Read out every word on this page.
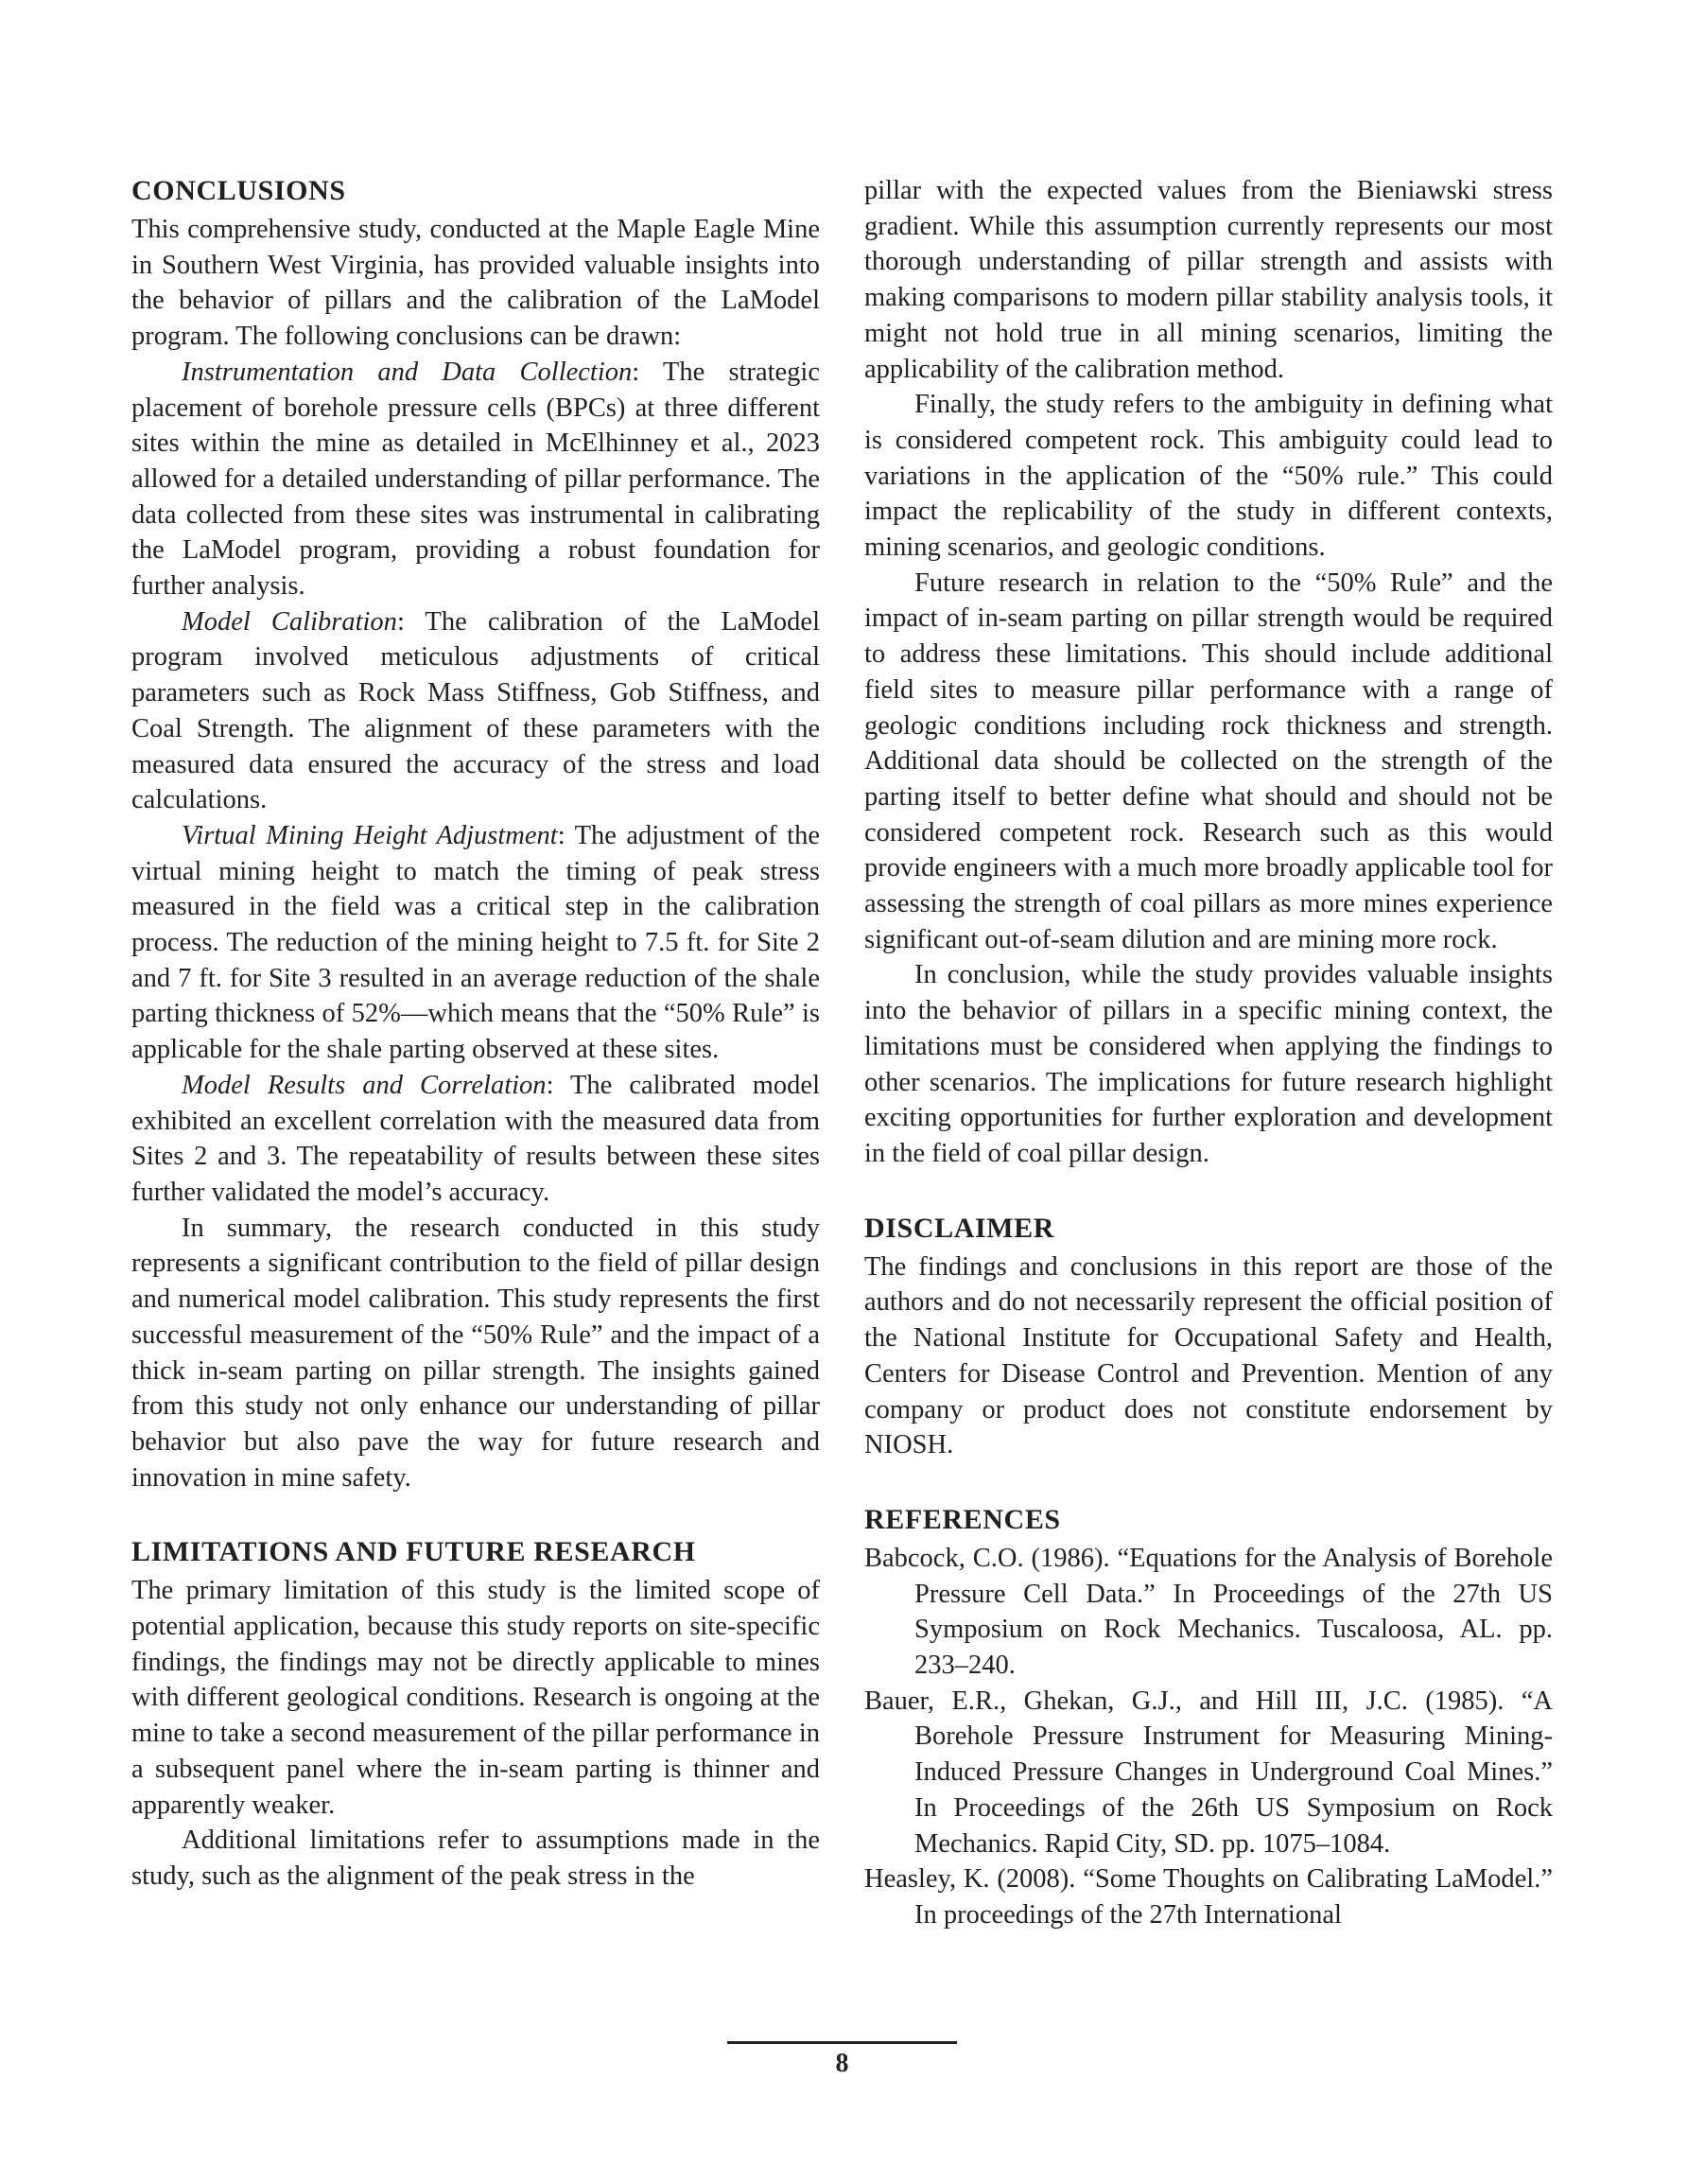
CONCLUSIONS

This comprehensive study, conducted at the Maple Eagle Mine in Southern West Virginia, has provided valuable insights into the behavior of pillars and the calibration of the LaModel program. The following conclusions can be drawn:

Instrumentation and Data Collection: The strategic placement of borehole pressure cells (BPCs) at three different sites within the mine as detailed in McElhinney et al., 2023 allowed for a detailed understanding of pillar performance. The data collected from these sites was instrumental in calibrating the LaModel program, providing a robust foundation for further analysis.

Model Calibration: The calibration of the LaModel program involved meticulous adjustments of critical parameters such as Rock Mass Stiffness, Gob Stiffness, and Coal Strength. The alignment of these parameters with the measured data ensured the accuracy of the stress and load calculations.

Virtual Mining Height Adjustment: The adjustment of the virtual mining height to match the timing of peak stress measured in the field was a critical step in the calibration process. The reduction of the mining height to 7.5 ft. for Site 2 and 7 ft. for Site 3 resulted in an average reduction of the shale parting thickness of 52%—which means that the “50% Rule” is applicable for the shale parting observed at these sites.

Model Results and Correlation: The calibrated model exhibited an excellent correlation with the measured data from Sites 2 and 3. The repeatability of results between these sites further validated the model’s accuracy.

In summary, the research conducted in this study represents a significant contribution to the field of pillar design and numerical model calibration. This study represents the first successful measurement of the “50% Rule” and the impact of a thick in-seam parting on pillar strength. The insights gained from this study not only enhance our understanding of pillar behavior but also pave the way for future research and innovation in mine safety.

LIMITATIONS AND FUTURE RESEARCH

The primary limitation of this study is the limited scope of potential application, because this study reports on site-specific findings, the findings may not be directly applicable to mines with different geological conditions. Research is ongoing at the mine to take a second measurement of the pillar performance in a subsequent panel where the in-seam parting is thinner and apparently weaker.

Additional limitations refer to assumptions made in the study, such as the alignment of the peak stress in the

pillar with the expected values from the Bieniawski stress gradient. While this assumption currently represents our most thorough understanding of pillar strength and assists with making comparisons to modern pillar stability analysis tools, it might not hold true in all mining scenarios, limiting the applicability of the calibration method.

Finally, the study refers to the ambiguity in defining what is considered competent rock. This ambiguity could lead to variations in the application of the “50% rule.” This could impact the replicability of the study in different contexts, mining scenarios, and geologic conditions.

Future research in relation to the “50% Rule” and the impact of in-seam parting on pillar strength would be required to address these limitations. This should include additional field sites to measure pillar performance with a range of geologic conditions including rock thickness and strength. Additional data should be collected on the strength of the parting itself to better define what should and should not be considered competent rock. Research such as this would provide engineers with a much more broadly applicable tool for assessing the strength of coal pillars as more mines experience significant out-of-seam dilution and are mining more rock.

In conclusion, while the study provides valuable insights into the behavior of pillars in a specific mining context, the limitations must be considered when applying the findings to other scenarios. The implications for future research highlight exciting opportunities for further exploration and development in the field of coal pillar design.

DISCLAIMER

The findings and conclusions in this report are those of the authors and do not necessarily represent the official position of the National Institute for Occupational Safety and Health, Centers for Disease Control and Prevention. Mention of any company or product does not constitute endorsement by NIOSH.

REFERENCES

Babcock, C.O. (1986). “Equations for the Analysis of Borehole Pressure Cell Data.” In Proceedings of the 27th US Symposium on Rock Mechanics. Tuscaloosa, AL. pp. 233–240.

Bauer, E.R., Ghekan, G.J., and Hill III, J.C. (1985). “A Borehole Pressure Instrument for Measuring Mining-Induced Pressure Changes in Underground Coal Mines.” In Proceedings of the 26th US Symposium on Rock Mechanics. Rapid City, SD. pp. 1075–1084.

Heasley, K. (2008). “Some Thoughts on Calibrating LaModel.” In proceedings of the 27th International

8
